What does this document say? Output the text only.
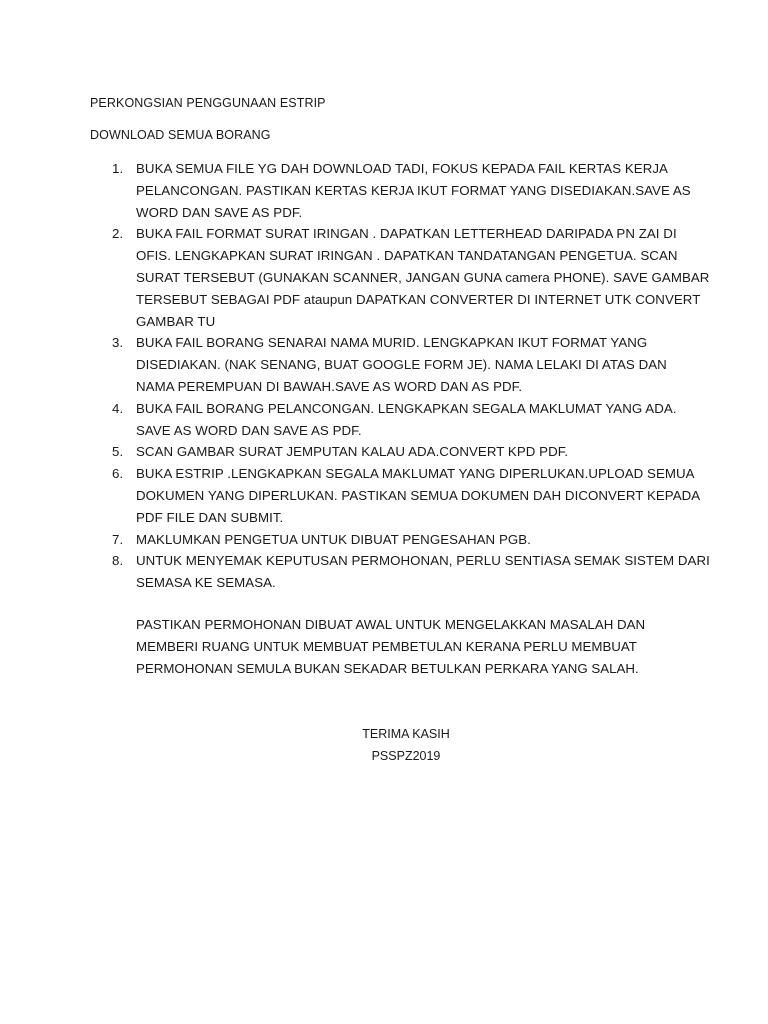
PERKONGSIAN PENGGUNAAN ESTRIP
DOWNLOAD SEMUA BORANG
1. BUKA SEMUA FILE YG DAH DOWNLOAD TADI, FOKUS KEPADA FAIL KERTAS KERJA
PELANCONGAN. PASTIKAN KERTAS KERJA IKUT FORMAT YANG DISEDIAKAN.SAVE AS
WORD DAN SAVE AS PDF.
2. BUKA FAIL FORMAT SURAT IRINGAN . DAPATKAN LETTERHEAD DARIPADA PN ZAI DI
OFIS. LENGKAPKAN SURAT IRINGAN . DAPATKAN TANDATANGAN PENGETUA. SCAN
SURAT TERSEBUT (GUNAKAN SCANNER, JANGAN GUNA camera PHONE). SAVE GAMBAR
TERSEBUT SEBAGAI PDF ataupun DAPATKAN CONVERTER DI INTERNET UTK CONVERT
GAMBAR TU
3. BUKA FAIL BORANG SENARAI NAMA MURID. LENGKAPKAN IKUT FORMAT YANG
DISEDIAKAN. (NAK SENANG, BUAT GOOGLE FORM JE). NAMA LELAKI DI ATAS DAN
NAMA PEREMPUAN DI BAWAH.SAVE AS WORD DAN AS PDF.
4. BUKA FAIL BORANG PELANCONGAN. LENGKAPKAN SEGALA MAKLUMAT YANG ADA.
SAVE AS WORD DAN SAVE AS PDF.
5. SCAN GAMBAR SURAT JEMPUTAN KALAU ADA.CONVERT KPD PDF.
6. BUKA ESTRIP .LENGKAPKAN SEGALA MAKLUMAT YANG DIPERLUKAN.UPLOAD SEMUA
DOKUMEN YANG DIPERLUKAN. PASTIKAN SEMUA DOKUMEN DAH DICONVERT KEPADA
PDF FILE DAN SUBMIT.
7. MAKLUMKAN PENGETUA UNTUK DIBUAT PENGESAHAN PGB.
8. UNTUK MENYEMAK KEPUTUSAN PERMOHONAN, PERLU SENTIASA SEMAK SISTEM DARI
SEMASA KE SEMASA.
PASTIKAN PERMOHONAN DIBUAT AWAL UNTUK MENGELAKKAN MASALAH DAN
MEMBERI RUANG UNTUK MEMBUAT PEMBETULAN KERANA PERLU MEMBUAT
PERMOHONAN SEMULA BUKAN SEKADAR BETULKAN PERKARA YANG SALAH.
TERIMA KASIH
PSSPZ2019
